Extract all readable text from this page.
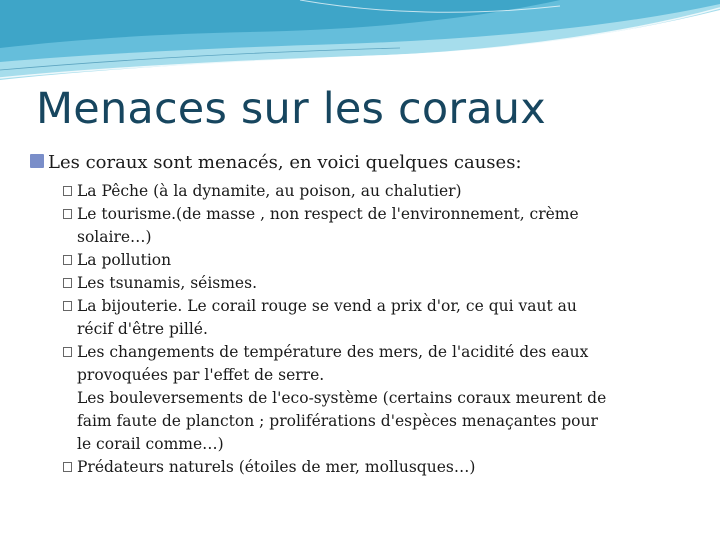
Menaces sur les coraux
Les coraux sont menacés, en voici quelques causes:
La Pêche (à la dynamite, au poison, au chalutier)
Le tourisme.(de masse , non respect de l'environnement, crème
solaire…)
La pollution
Les tsunamis, séismes.
La bijouterie. Le corail rouge se vend a prix d'or, ce qui vaut au
récif d'être pillé.
Les changements de température des mers, de l'acidité des eaux
provoquées par l'effet de serre.
Les bouleversements de l'eco-système (certains coraux meurent de
faim faute de plancton ; proliférations d'espèces menaçantes pour
le corail comme…)
Prédateurs naturels (étoiles de mer, mollusques…)
